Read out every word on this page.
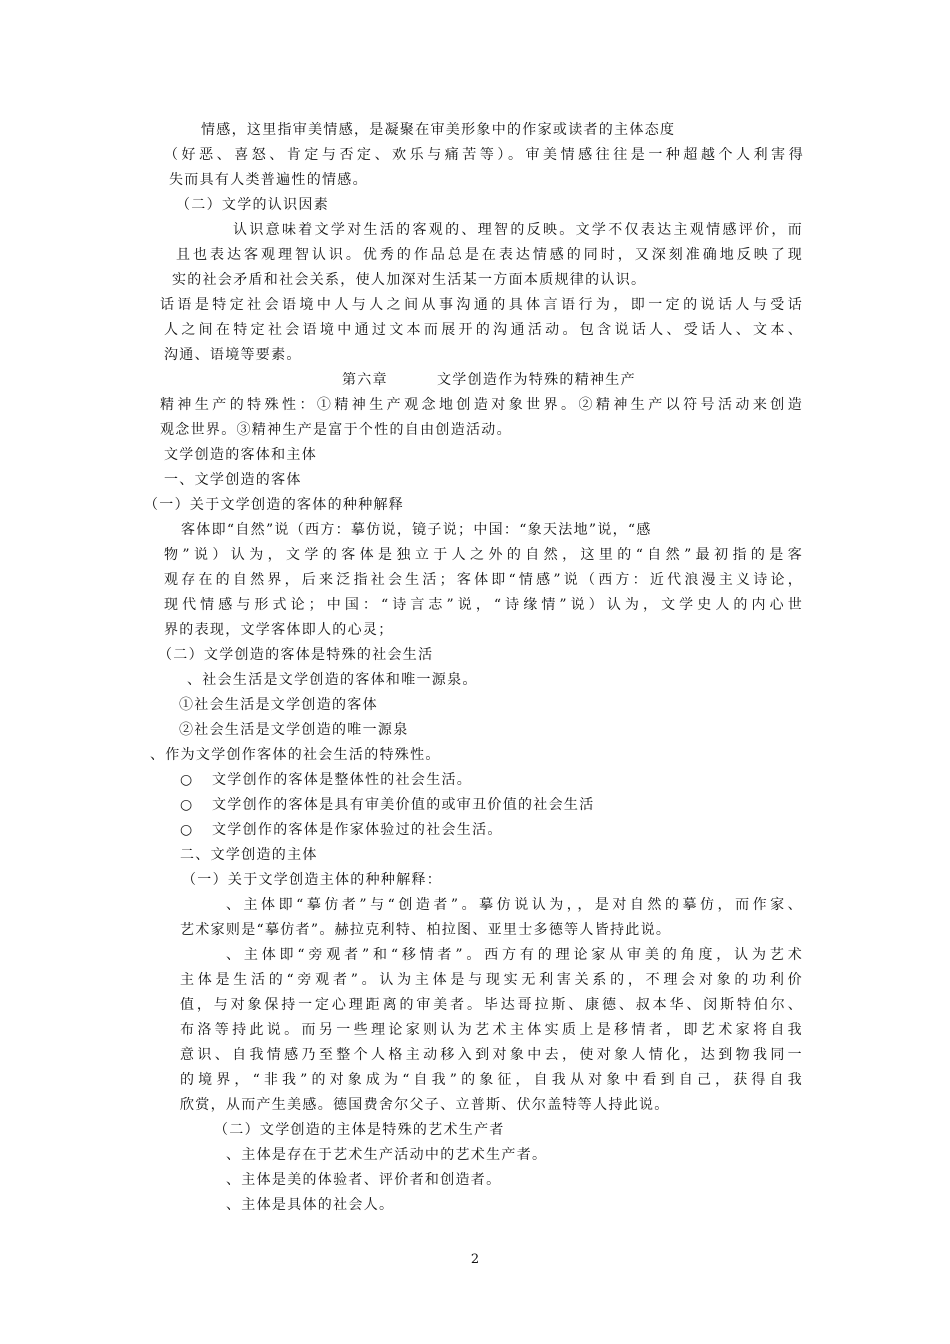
情感，这里指审美情感，是凝聚在审美形象中的作家或读者的主体态度
（好恶、喜怒、肯定与否定、欢乐与痛苦等）。审美情感往往是一种超越个人利害得
失而具有人类普遍性的情感。
（二）文学的认识因素
认识意味着文学对生活的客观的、理智的反映。文学不仅表达主观情感评价，而
且也表达客观理智认识。优秀的作品总是在表达情感的同时，又深刻准确地反映了现
实的社会矛盾和社会关系，使人加深对生活某一方面本质规律的认识。
话语是特定社会语境中人与人之间从事沟通的具体言语行为，即一定的说话人与受话
人之间在特定社会语境中通过文本而展开的沟通活动。包含说话人、受话人、文本、
沟通、语境等要素。
第六章	文学创造作为特殊的精神生产
精神生产的特殊性：①精神生产观念地创造对象世界。②精神生产以符号活动来创造
观念世界。③精神生产是富于个性的自由创造活动。
文学创造的客体和主体
一、文学创造的客体
（一）关于文学创造的客体的种种解释
客体即“自然”说（西方：摹仿说，镜子说；中国：“象天法地”说，“感
物”说）认为，文学的客体是独立于人之外的自然，这里的“自然”最初指的是客
观存在的自然界，后来泛指社会生活；客体即“情感”说（西方：近代浪漫主义诗论，
现代情感与形式论；中国：“诗言志”说，“诗缘情”说）认为，文学史人的内心世
界的表现，文学客体即人的心灵；
（二）文学创造的客体是特殊的社会生活
、社会生活是文学创造的客体和唯一源泉。
①社会生活是文学创造的客体
②社会生活是文学创造的唯一源泉
、作为文学创作客体的社会生活的特殊性。
○ 文学创作的客体是整体性的社会生活。
○ 文学创作的客体是具有审美价值的或审丑价值的社会生活
○ 文学创作的客体是作家体验过的社会生活。
二、文学创造的主体
（一）关于文学创造主体的种种解释：
、主体即“摹仿者”与“创造者”。摹仿说认为，，是对自然的摹仿，而作家、
艺术家则是“摹仿者”。赫拉克利特、柏拉图、亚里士多德等人皆持此说。
、主体即“旁观者”和“移情者”。西方有的理论家从审美的角度，认为艺术
主体是生活的“旁观者”。认为主体是与现实无利害关系的，不理会对象的功利价
值，与对象保持一定心理距离的审美者。毕达哥拉斯、康德、叔本华、闵斯特伯尔、
布洛等持此说。而另一些理论家则认为艺术主体实质上是移情者，即艺术家将自我
意识、自我情感乃至整个人格主动移入到对象中去，使对象人情化，达到物我同一
的境界，“非我”的对象成为“自我”的象征，自我从对象中看到自己，获得自我
欣赏，从而产生美感。德国费舍尔父子、立普斯、伏尔盖特等人持此说。
（二）文学创造的主体是特殊的艺术生产者
、主体是存在于艺术生产活动中的艺术生产者。
、主体是美的体验者、评价者和创造者。
、主体是具体的社会人。
2
